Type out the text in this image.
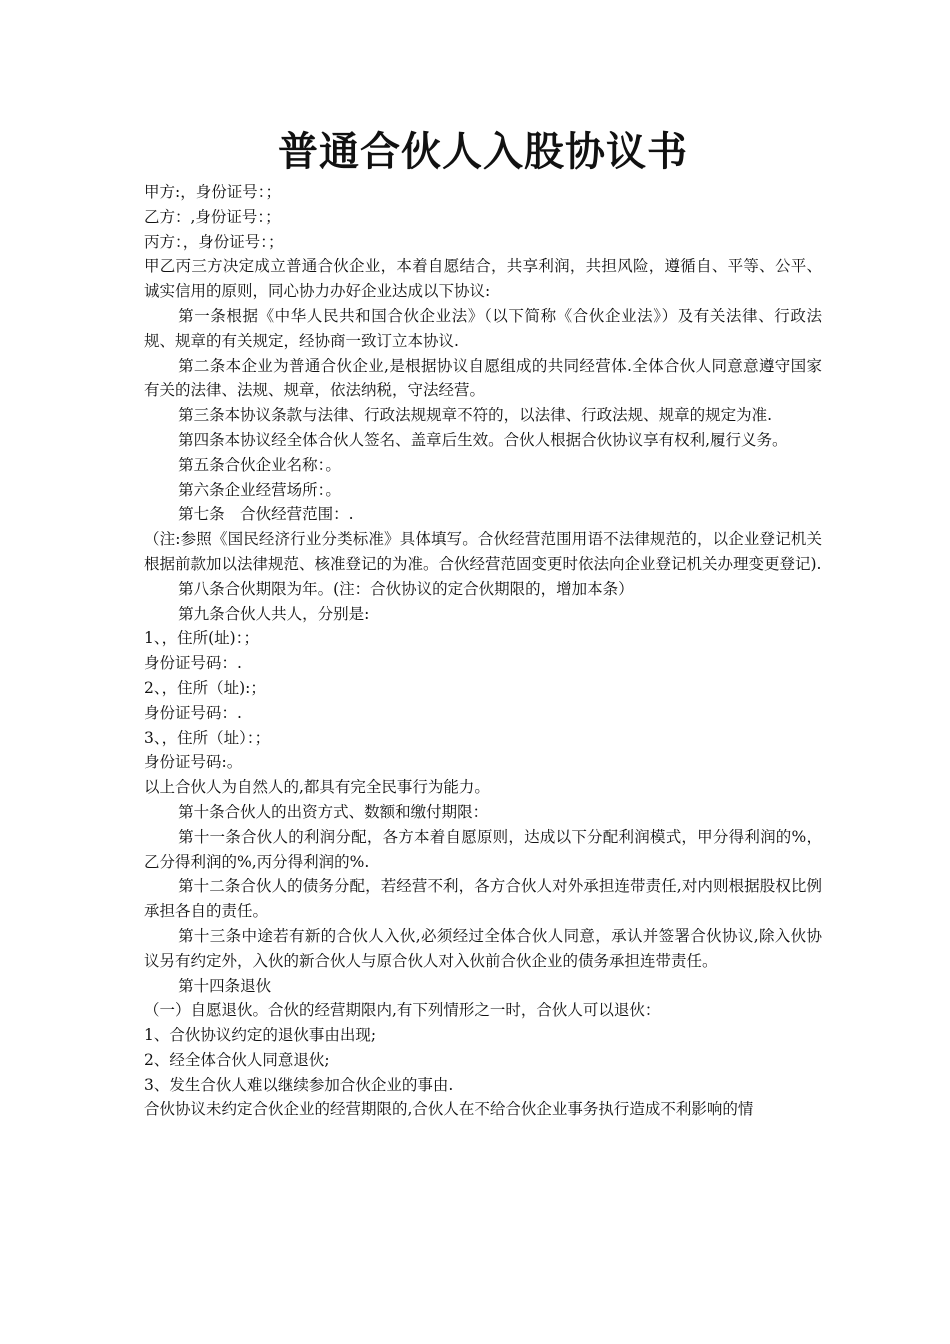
普通合伙人入股协议书

甲方:，身份证号：；

乙方：,身份证号：；

丙方：，身份证号：；

甲乙丙三方决定成立普通合伙企业，本着自愿结合，共享利润，共担风险，遵循自、平等、公平、诚实信用的原则，同心协力办好企业达成以下协议:

第一条根据《中华人民共和国合伙企业法》（以下简称《合伙企业法》）及有关法律、行政法规、规章的有关规定，经协商一致订立本协议.

第二条本企业为普通合伙企业,是根据协议自愿组成的共同经营体.全体合伙人同意意遵守国家有关的法律、法规、规章，依法纳税，守法经营。

第三条本协议条款与法律、行政法规规章不符的，以法律、行政法规、规章的规定为准.

第四条本协议经全体合伙人签名、盖章后生效。合伙人根据合伙协议享有权利,履行义务。

第五条合伙企业名称：。

第六条企业经营场所：。

第七条　合伙经营范围：.

（注:参照《国民经济行业分类标准》具体填写。合伙经营范围用语不法律规范的，以企业登记机关根据前款加以法律规范、核准登记的为准。合伙经营范固变更时依法向企业登记机关办理变更登记).

第八条合伙期限为年。(注：合伙协议的定合伙期限的，增加本条）

第九条合伙人共人，分别是:

1、，住所(址)：；

身份证号码：.

2、，住所（址):；

身份证号码：.

3、，住所（址）：；

身份证号码:。

以上合伙人为自然人的,都具有完全民事行为能力。

第十条合伙人的出资方式、数额和缴付期限：

第十一条合伙人的利润分配，各方本着自愿原则，达成以下分配利润模式，甲分得利润的%，乙分得利润的%,丙分得利润的%.

第十二条合伙人的债务分配，若经营不利，各方合伙人对外承担连带责任,对内则根据股权比例承担各自的责任。

第十三条中途若有新的合伙人入伙,必须经过全体合伙人同意，承认并签署合伙协议,除入伙协议另有约定外，入伙的新合伙人与原合伙人对入伙前合伙企业的债务承担连带责任。

第十四条退伙

（一）自愿退伙。合伙的经营期限内,有下列情形之一时，合伙人可以退伙：

1、合伙协议约定的退伙事由出现;

2、经全体合伙人同意退伙;

3、发生合伙人难以继续参加合伙企业的事由.

合伙协议未约定合伙企业的经营期限的,合伙人在不给合伙企业事务执行造成不利影响的情
